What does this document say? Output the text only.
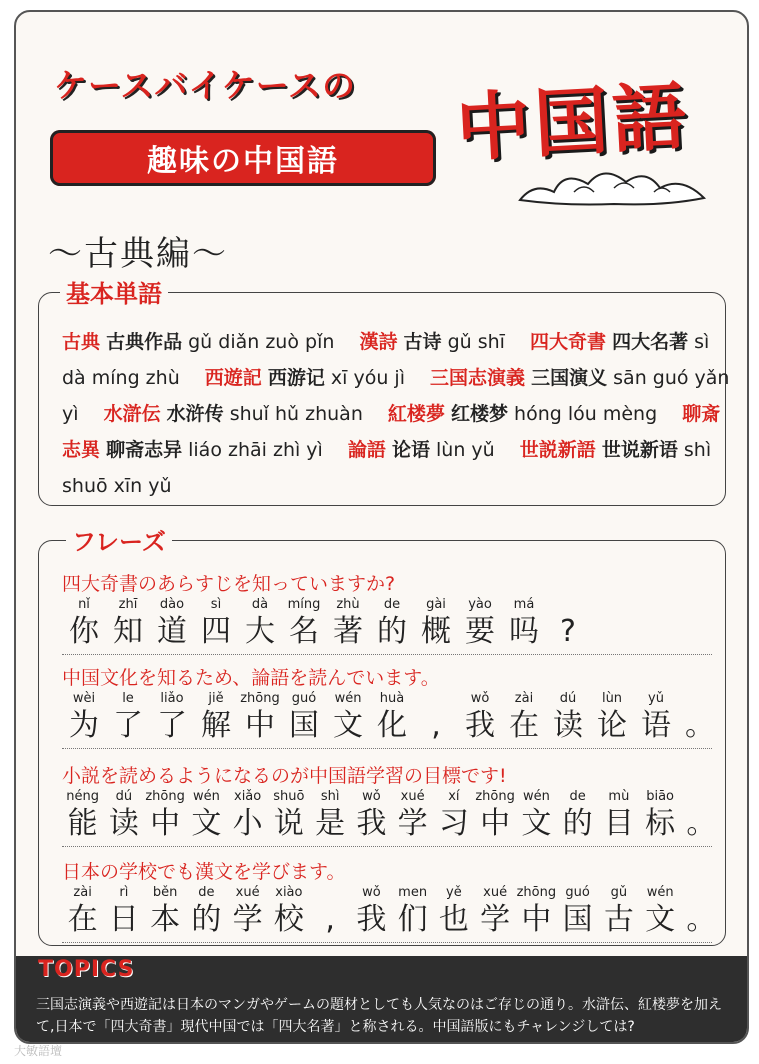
ケースバイケースの
趣味の中国語	中国語
〜古典編〜
基本単語
古典 古典作品 gǔ diǎn zuò pǐn　 漢詩 古诗 gǔ shī　 四大奇書 四大名著 sì dà míng zhù　 西遊記 西游记 xī yóu jì　 三国志演義 三国演义 sān guó yǎn yì　 水滸伝 水浒传 shuǐ hǔ zhuàn　 紅楼夢 红楼梦 hóng lóu mèng　 聊斎志異 聊斋志异 liáo zhāi zhì yì　 論語 论语 lùn yǔ　 世説新語 世说新语 shì shuō xīn yǔ　
フレーズ
四大奇書のあらすじを知っていますか?
nǐ
你
zhī
知
dào
道
sì
四
dà
大
míng
名
zhù
著
de
的
gài
概
yào
要
má
吗 ?
中国文化を知るため、論語を読んでいます。
wèi
为
le
了
liǎo
了
jiě
解
zhōng
中
guó
国
wén
文
huà
化 ,
wǒ
我
zài
在
dú
读
lùn
论
yǔ
语 。
小説を読めるようになるのが中国語学習の目標です!
néng
能
dú
读
zhōng
中
wén
文
xiǎo
小
shuō
说
shì
是
wǒ
我
xué
学
xí
习
zhōng
中
wén
文
de
的
mù
目
biāo
标 。
日本の学校でも漢文を学びます。
zài
在
rì
日
běn
本
de
的
xué
学
xiào
校 ,
wǒ
我
men
们
yě
也
xué
学
zhōng
中
guó
国
gǔ
古
wén
文 。
TOPICS
三国志演義や西遊記は日本のマンガやゲームの題材としても人気なのはご存じの通り。水滸伝、紅楼夢を加えて,日本で「四大奇書」現代中国では「四大名著」と称される。中国語版にもチャレンジしては?
大敏語壇
